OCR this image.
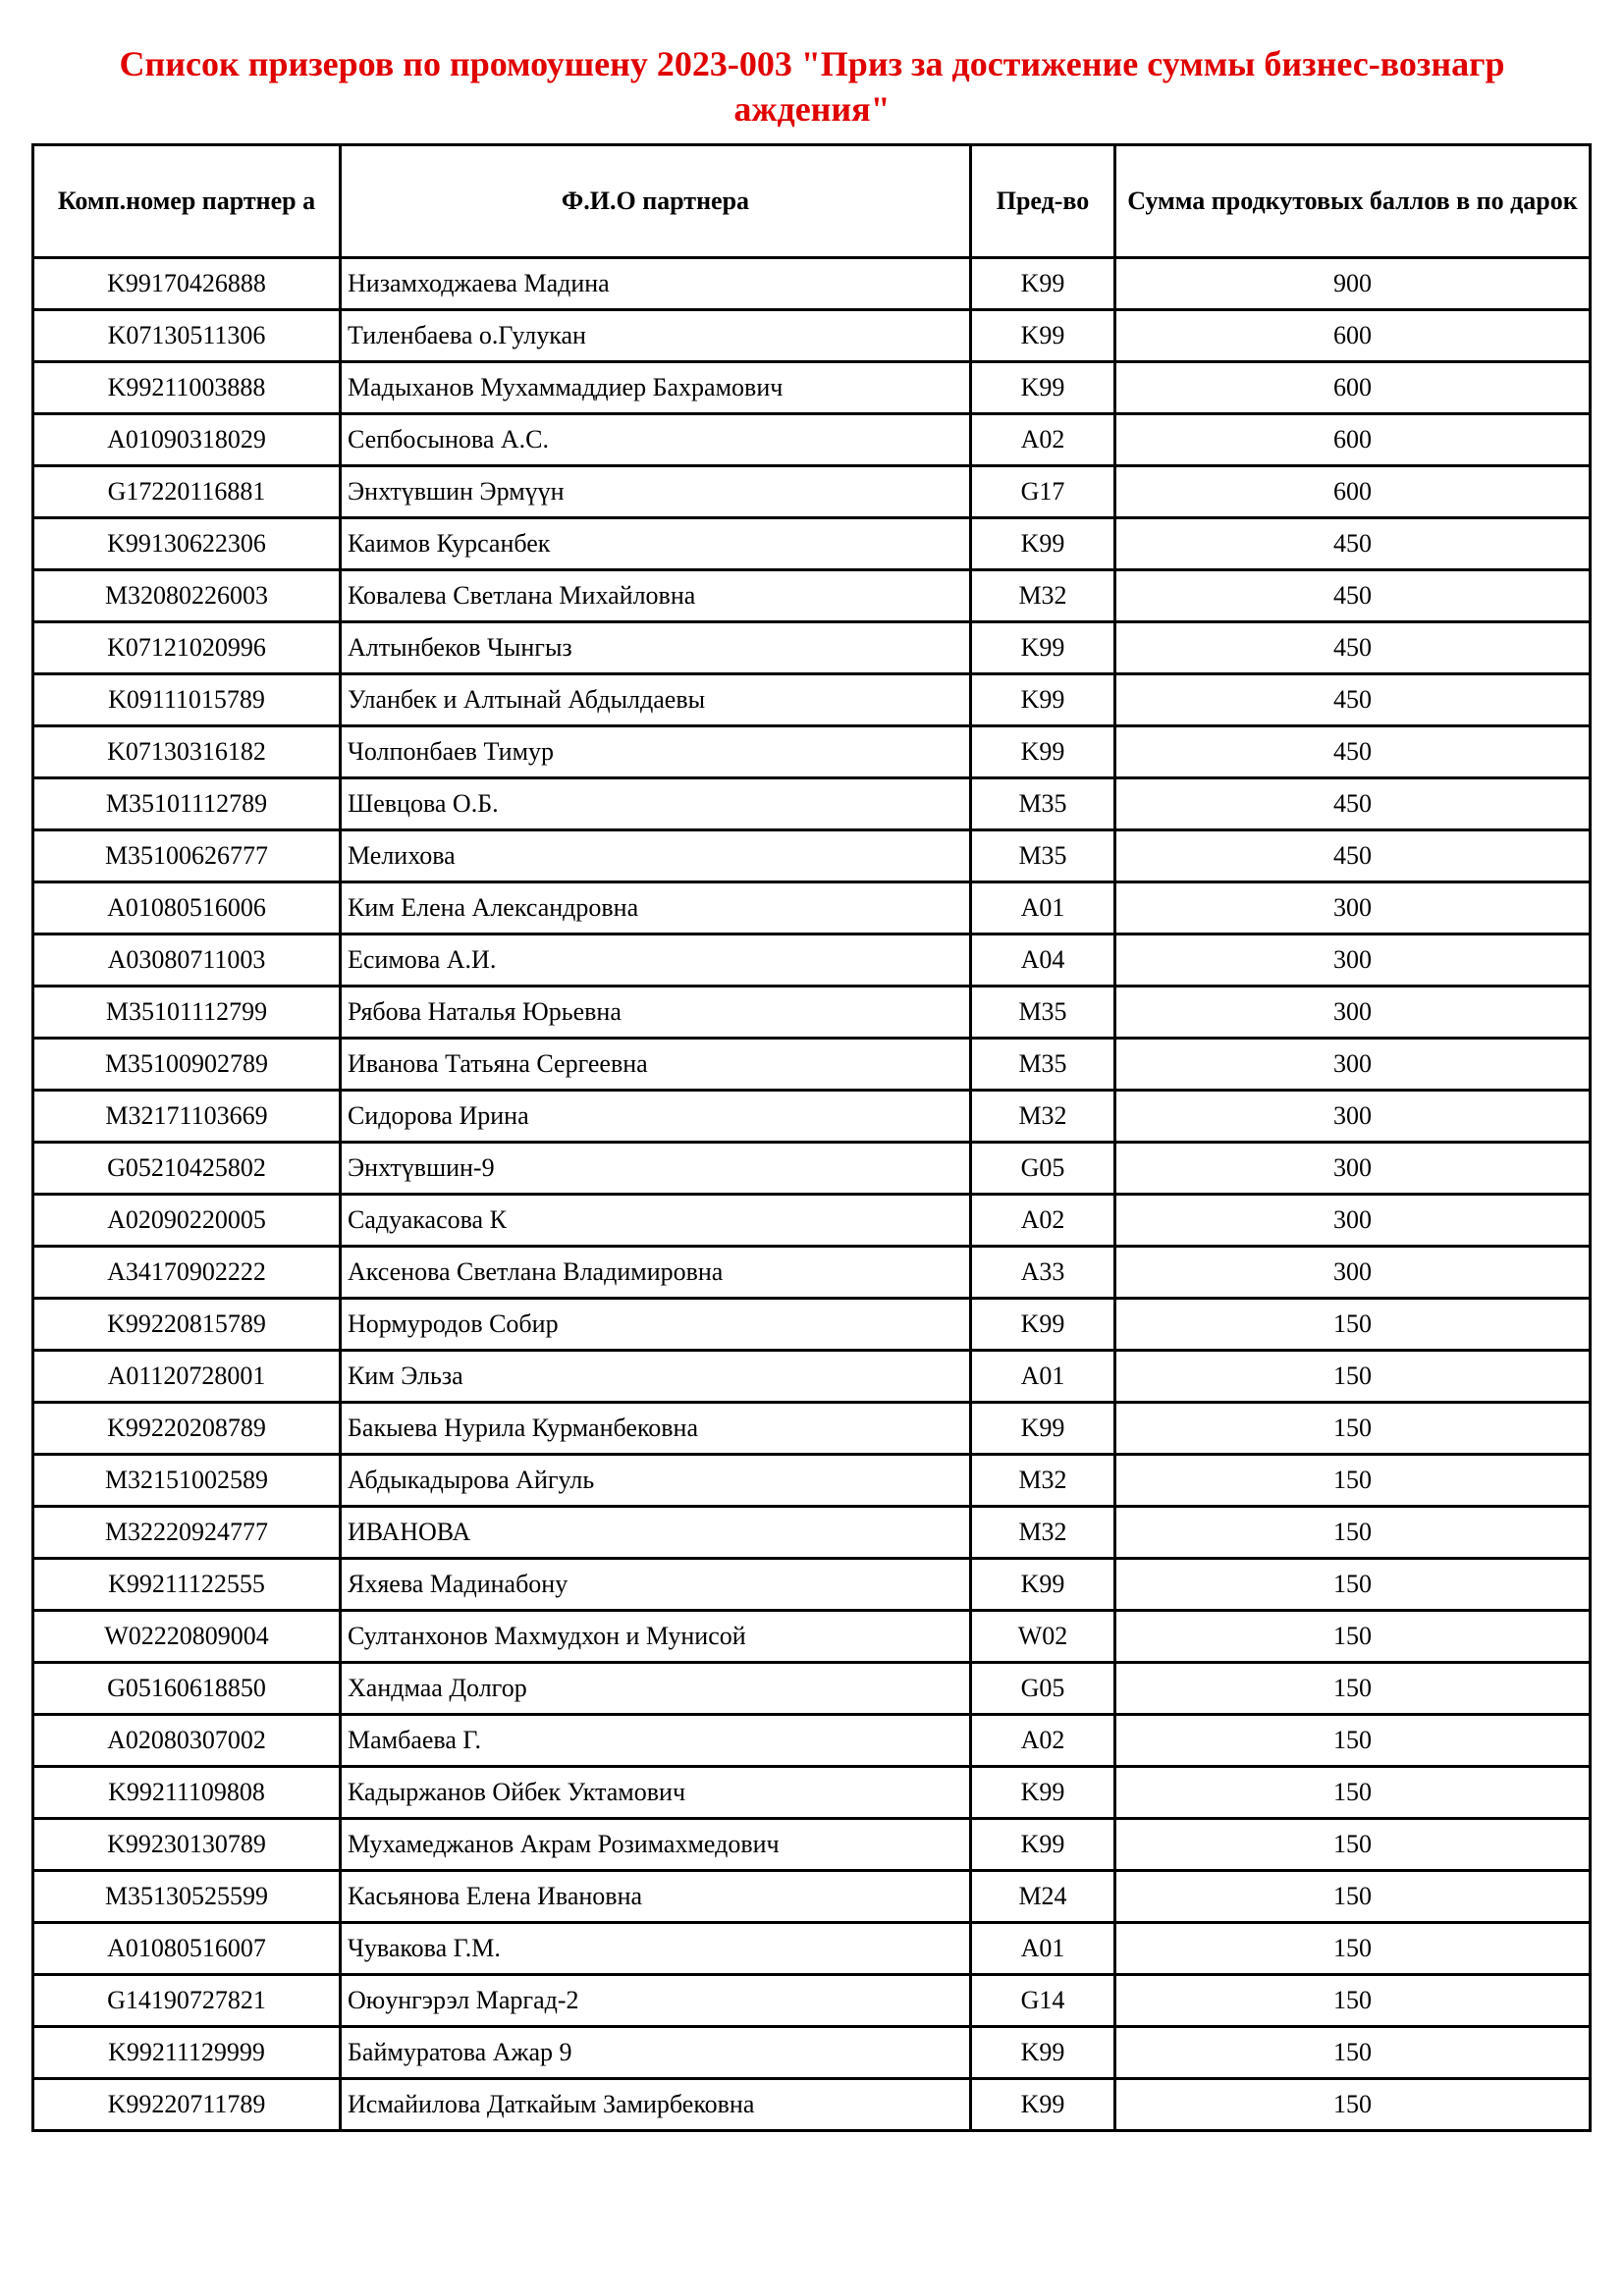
Список призеров по промоушену 2023-003 "Приз за достижение суммы бизнес-вознагр
аждения"
Комп.номер партнер а	Ф.И.О партнера	Пред-во	Сумма продкутовых баллов в по дарок
K99170426888	Низамходжаева Мадина	K99	900
K07130511306	Тиленбаева о.Гулукан	K99	600
K99211003888	Мадыханов Мухаммаддиер Бахрамович	K99	600
A01090318029	Сепбосынова А.С.	A02	600
G17220116881	Энхтүвшин Эрмүүн	G17	600
K99130622306	Каимов Курсанбек	K99	450
M32080226003	Ковалева Светлана Михайловна	M32	450
K07121020996	Алтынбеков Чынгыз	K99	450
K09111015789	Уланбек и Алтынай Абдылдаевы	K99	450
K07130316182	Чолпонбаев Тимур	K99	450
M35101112789	Шевцова О.Б.	M35	450
M35100626777	Мелихова	M35	450
A01080516006	Ким Елена Александровна	A01	300
A03080711003	Есимова А.И.	A04	300
M35101112799	Рябова Наталья Юрьевна	M35	300
M35100902789	Иванова Татьяна Сергеевна	M35	300
M32171103669	Сидорова Ирина	M32	300
G05210425802	Энхтүвшин-9	G05	300
A02090220005	Садуакасова К	A02	300
A34170902222	Аксенова Светлана Владимировна	A33	300
K99220815789	Нормуродов Собир	K99	150
A01120728001	Ким Эльза	A01	150
K99220208789	Бакыева Нурила Курманбековна	K99	150
M32151002589	Абдыкадырова Айгуль	M32	150
M32220924777	ИВАНОВА	M32	150
K99211122555	Яхяева Мадинабону	K99	150
W02220809004	Султанхонов Махмудхон и Мунисой	W02	150
G05160618850	Хандмаа Долгор	G05	150
A02080307002	Мамбаева Г.	A02	150
K99211109808	Кадыржанов Ойбек Уктамович	K99	150
K99230130789	Мухамеджанов Акрам Розимахмедович	K99	150
M35130525599	Касьянова Елена Ивановна	M24	150
A01080516007	Чувакова Г.М.	A01	150
G14190727821	Оюунгэрэл Маргад-2	G14	150
K99211129999	Баймуратова Ажар 9	K99	150
K99220711789	Исмайилова Даткайым Замирбековна	K99	150
